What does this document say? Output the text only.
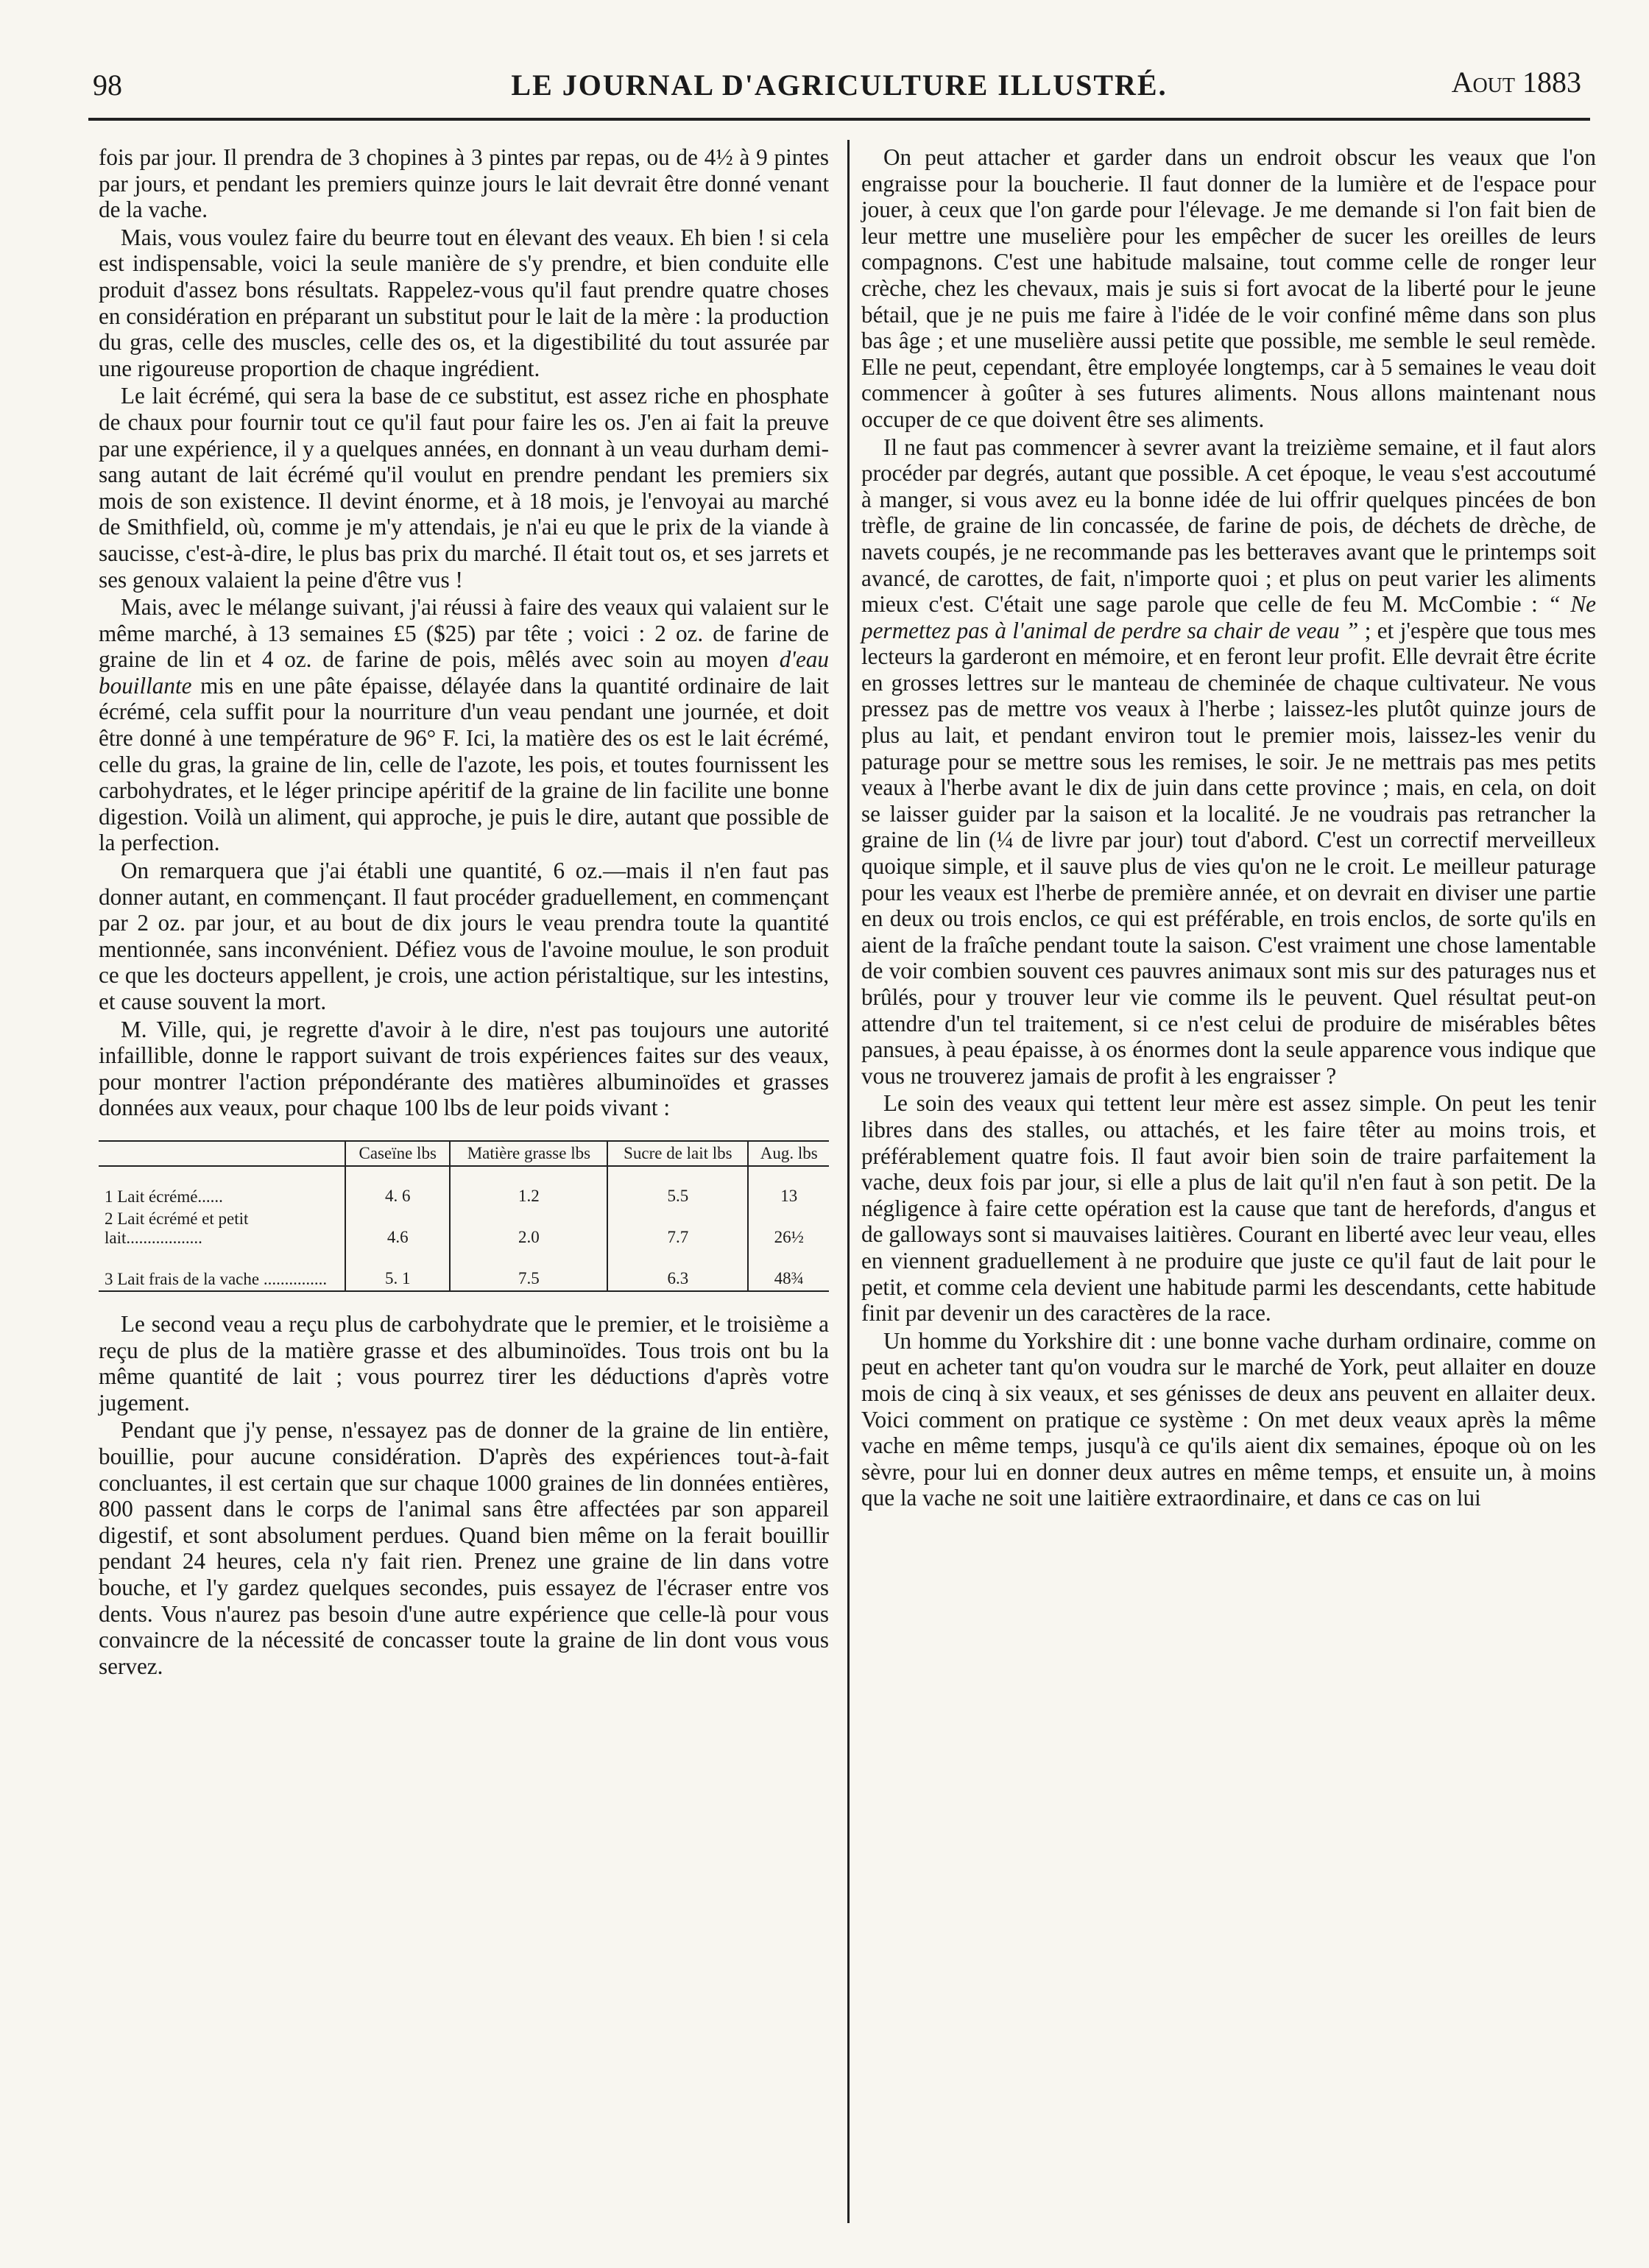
98	LE JOURNAL D'AGRICULTURE ILLUSTRÉ.	Aout 1883

fois par jour. Il prendra de 3 chopines à 3 pintes par repas, ou de 4½ à 9 pintes par jours, et pendant les premiers quinze jours le lait devrait être donné venant de la vache.

Mais, vous voulez faire du beurre tout en élevant des veaux. Eh bien ! si cela est indispensable, voici la seule manière de s'y prendre, et bien conduite elle produit d'assez bons résultats. Rappelez-vous qu'il faut prendre quatre choses en considération en préparant un substitut pour le lait de la mère : la production du gras, celle des muscles, celle des os, et la digestibilité du tout assurée par une rigoureuse proportion de chaque ingrédient.

Le lait écrémé, qui sera la base de ce substitut, est assez riche en phosphate de chaux pour fournir tout ce qu'il faut pour faire les os. J'en ai fait la preuve par une expérience, il y a quelques années, en donnant à un veau durham demi-sang autant de lait écrémé qu'il voulut en prendre pendant les premiers six mois de son existence. Il devint énorme, et à 18 mois, je l'envoyai au marché de Smithfield, où, comme je m'y attendais, je n'ai eu que le prix de la viande à saucisse, c'est-à-dire, le plus bas prix du marché. Il était tout os, et ses jarrets et ses genoux valaient la peine d'être vus !

Mais, avec le mélange suivant, j'ai réussi à faire des veaux qui valaient sur le même marché, à 13 semaines £5 ($25) par tête ; voici : 2 oz. de farine de graine de lin et 4 oz. de farine de pois, mêlés avec soin au moyen d'eau bouillante mis en une pâte épaisse, délayée dans la quantité ordinaire de lait écrémé, cela suffit pour la nourriture d'un veau pendant une journée, et doit être donné à une température de 96° F. Ici, la matière des os est le lait écrémé, celle du gras, la graine de lin, celle de l'azote, les pois, et toutes fournissent les carbohydrates, et le léger principe apéritif de la graine de lin facilite une bonne digestion. Voilà un aliment, qui approche, je puis le dire, autant que possible de la perfection.

On remarquera que j'ai établi une quantité, 6 oz.—mais il n'en faut pas donner autant, en commençant. Il faut procéder graduellement, en commençant par 2 oz. par jour, et au bout de dix jours le veau prendra toute la quantité mentionnée, sans inconvénient. Défiez vous de l'avoine moulue, le son produit ce que les docteurs appellent, je crois, une action péristaltique, sur les intestins, et cause souvent la mort.

M. Ville, qui, je regrette d'avoir à le dire, n'est pas toujours une autorité infaillible, donne le rapport suivant de trois expériences faites sur des veaux, pour montrer l'action prépondérante des matières albuminoïdes et grasses données aux veaux, pour chaque 100 lbs de leur poids vivant :

	Caseïne lbs	Matière grasse lbs	Sucre de lait lbs	Aug. lbs
1 Lait écrémé......	4. 6	1.2	5.5	13
2 Lait écrémé et petit lait..................	4.6	2.0	7.7	26½
3 Lait frais de la vache ...............	5. 1	7.5	6.3	48¾

Le second veau a reçu plus de carbohydrate que le premier, et le troisième a reçu de plus de la matière grasse et des albuminoïdes. Tous trois ont bu la même quantité de lait ; vous pourrez tirer les déductions d'après votre jugement.

Pendant que j'y pense, n'essayez pas de donner de la graine de lin entière, bouillie, pour aucune considération. D'après des expériences tout-à-fait concluantes, il est certain que sur chaque 1000 graines de lin données entières, 800 passent dans le corps de l'animal sans être affectées par son appareil digestif, et sont absolument perdues. Quand bien même on la ferait bouillir pendant 24 heures, cela n'y fait rien. Prenez une graine de lin dans votre bouche, et l'y gardez quelques secondes, puis essayez de l'écraser entre vos dents. Vous n'aurez pas besoin d'une autre expérience que celle-là pour vous convaincre de la nécessité de concasser toute la graine de lin dont vous vous servez.

On peut attacher et garder dans un endroit obscur les veaux que l'on engraisse pour la boucherie. Il faut donner de la lumière et de l'espace pour jouer, à ceux que l'on garde pour l'élevage. Je me demande si l'on fait bien de leur mettre une muselière pour les empêcher de sucer les oreilles de leurs compagnons. C'est une habitude malsaine, tout comme celle de ronger leur crèche, chez les chevaux, mais je suis si fort avocat de la liberté pour le jeune bétail, que je ne puis me faire à l'idée de le voir confiné même dans son plus bas âge ; et une muselière aussi petite que possible, me semble le seul remède. Elle ne peut, cependant, être employée longtemps, car à 5 semaines le veau doit commencer à goûter à ses futures aliments. Nous allons maintenant nous occuper de ce que doivent être ses aliments.

Il ne faut pas commencer à sevrer avant la treizième semaine, et il faut alors procéder par degrés, autant que possible. A cet époque, le veau s'est accoutumé à manger, si vous avez eu la bonne idée de lui offrir quelques pincées de bon trèfle, de graine de lin concassée, de farine de pois, de déchets de drèche, de navets coupés, je ne recommande pas les betteraves avant que le printemps soit avancé, de carottes, de fait, n'importe quoi ; et plus on peut varier les aliments mieux c'est. C'était une sage parole que celle de feu M. McCombie : “ Ne permettez pas à l'animal de perdre sa chair de veau ” ; et j'espère que tous mes lecteurs la garderont en mémoire, et en feront leur profit. Elle devrait être écrite en grosses lettres sur le manteau de cheminée de chaque cultivateur. Ne vous pressez pas de mettre vos veaux à l'herbe ; laissez-les plutôt quinze jours de plus au lait, et pendant environ tout le premier mois, laissez-les venir du paturage pour se mettre sous les remises, le soir. Je ne mettrais pas mes petits veaux à l'herbe avant le dix de juin dans cette province ; mais, en cela, on doit se laisser guider par la saison et la localité. Je ne voudrais pas retrancher la graine de lin (¼ de livre par jour) tout d'abord. C'est un correctif merveilleux quoique simple, et il sauve plus de vies qu'on ne le croit. Le meilleur paturage pour les veaux est l'herbe de première année, et on devrait en diviser une partie en deux ou trois enclos, ce qui est préférable, en trois enclos, de sorte qu'ils en aient de la fraîche pendant toute la saison. C'est vraiment une chose lamentable de voir combien souvent ces pauvres animaux sont mis sur des paturages nus et brûlés, pour y trouver leur vie comme ils le peuvent. Quel résultat peut-on attendre d'un tel traitement, si ce n'est celui de produire de misérables bêtes pansues, à peau épaisse, à os énormes dont la seule apparence vous indique que vous ne trouverez jamais de profit à les engraisser ?

Le soin des veaux qui tettent leur mère est assez simple. On peut les tenir libres dans des stalles, ou attachés, et les faire têter au moins trois, et préférablement quatre fois. Il faut avoir bien soin de traire parfaitement la vache, deux fois par jour, si elle a plus de lait qu'il n'en faut à son petit. De la négligence à faire cette opération est la cause que tant de herefords, d'angus et de galloways sont si mauvaises laitières. Courant en liberté avec leur veau, elles en viennent graduellement à ne produire que juste ce qu'il faut de lait pour le petit, et comme cela devient une habitude parmi les descendants, cette habitude finit par devenir un des caractères de la race.

Un homme du Yorkshire dit : une bonne vache durham ordinaire, comme on peut en acheter tant qu'on voudra sur le marché de York, peut allaiter en douze mois de cinq à six veaux, et ses génisses de deux ans peuvent en allaiter deux. Voici comment on pratique ce système : On met deux veaux après la même vache en même temps, jusqu'à ce qu'ils aient dix semaines, époque où on les sèvre, pour lui en donner deux autres en même temps, et ensuite un, à moins que la vache ne soit une laitière extraordinaire, et dans ce cas on lui
